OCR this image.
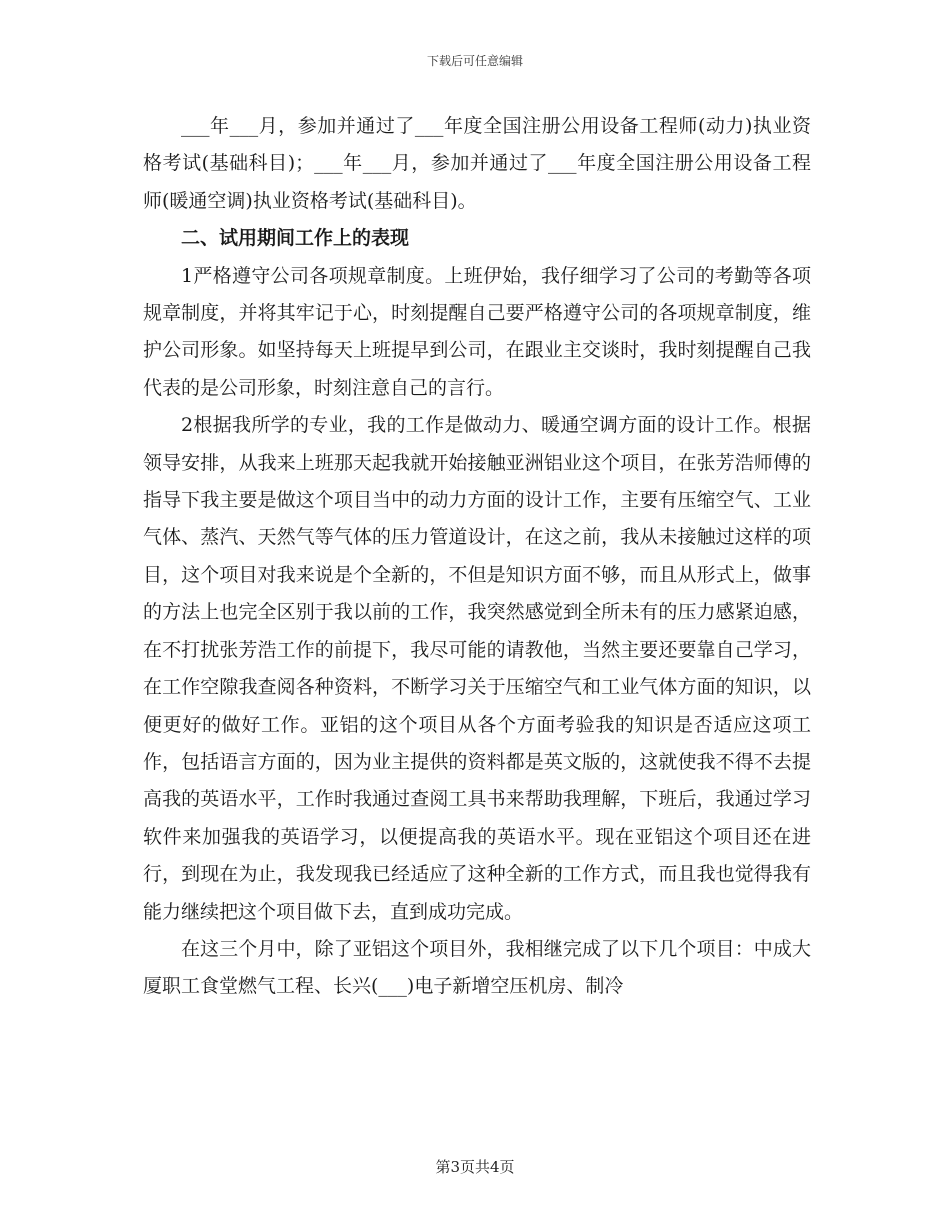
下载后可任意编辑

___年___月，参加并通过了___年度全国注册公用设备工程师(动力)执业资格考试(基础科目)；___年___月，参加并通过了___年度全国注册公用设备工程师(暖通空调)执业资格考试(基础科目)。

二、试用期间工作上的表现

1严格遵守公司各项规章制度。上班伊始，我仔细学习了公司的考勤等各项规章制度，并将其牢记于心，时刻提醒自己要严格遵守公司的各项规章制度，维护公司形象。如坚持每天上班提早到公司，在跟业主交谈时，我时刻提醒自己我代表的是公司形象，时刻注意自己的言行。

2根据我所学的专业，我的工作是做动力、暖通空调方面的设计工作。根据领导安排，从我来上班那天起我就开始接触亚洲铝业这个项目，在张芳浩师傅的指导下我主要是做这个项目当中的动力方面的设计工作，主要有压缩空气、工业气体、蒸汽、天然气等气体的压力管道设计，在这之前，我从未接触过这样的项目，这个项目对我来说是个全新的，不但是知识方面不够，而且从形式上，做事的方法上也完全区别于我以前的工作，我突然感觉到全所未有的压力感紧迫感，在不打扰张芳浩工作的前提下，我尽可能的请教他，当然主要还要靠自己学习，在工作空隙我查阅各种资料，不断学习关于压缩空气和工业气体方面的知识，以便更好的做好工作。亚铝的这个项目从各个方面考验我的知识是否适应这项工作，包括语言方面的，因为业主提供的资料都是英文版的，这就使我不得不去提高我的英语水平，工作时我通过查阅工具书来帮助我理解，下班后，我通过学习软件来加强我的英语学习，以便提高我的英语水平。现在亚铝这个项目还在进行，到现在为止，我发现我已经适应了这种全新的工作方式，而且我也觉得我有能力继续把这个项目做下去，直到成功完成。

在这三个月中，除了亚铝这个项目外，我相继完成了以下几个项目：中成大厦职工食堂燃气工程、长兴(___)电子新增空压机房、制冷

第3页共4页
